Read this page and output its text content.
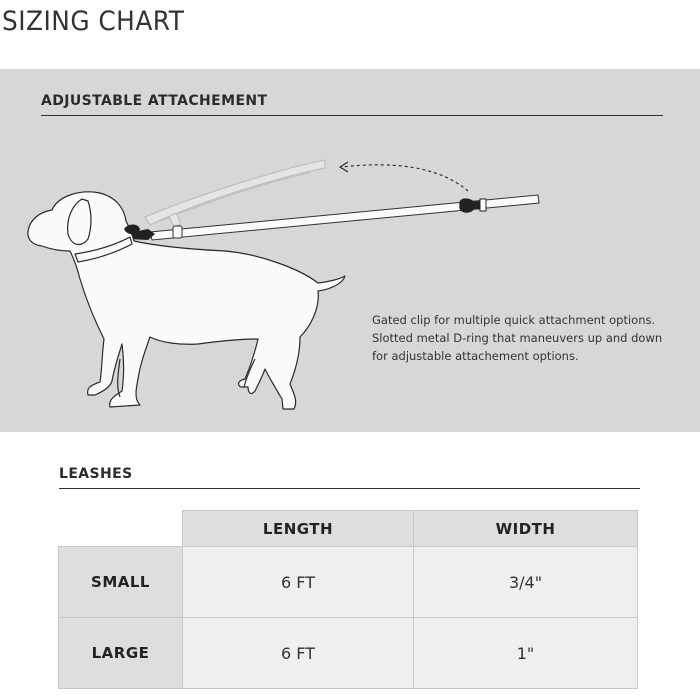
SIZING CHART
ADJUSTABLE ATTACHEMENT

Gated clip for multiple quick attachment options. Slotted metal D-ring that maneuvers up and down for adjustable attachement options.

LEASHES
	LENGTH	WIDTH
SMALL	6 FT	3/4"
LARGE	6 FT	1"
